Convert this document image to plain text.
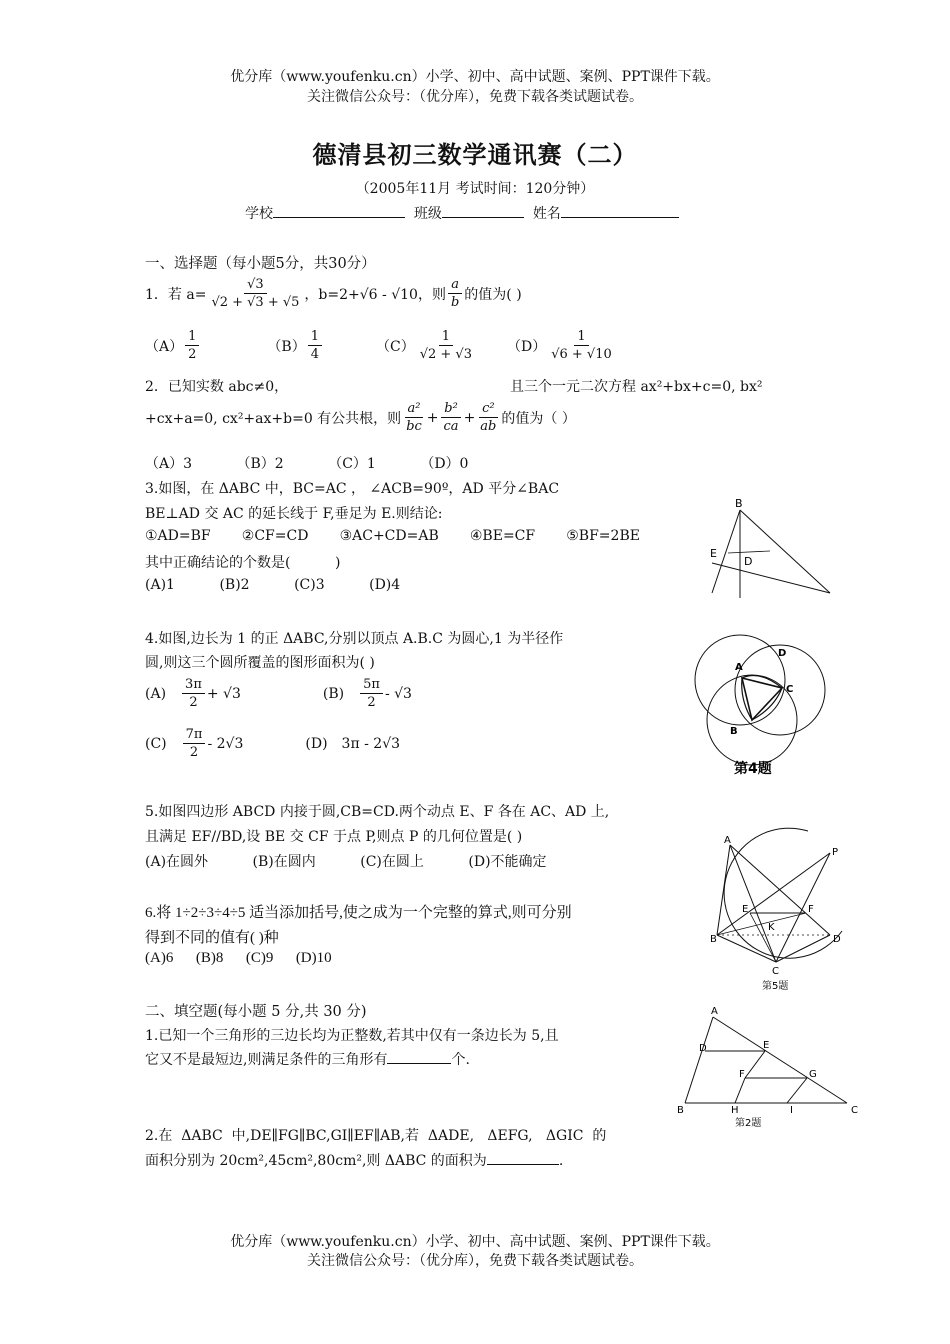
优分库（www.youfenku.cn）小学、初中、高中试题、案例、PPT课件下载。
关注微信公众号：（优分库），免费下载各类试题试卷。
德清县初三数学通讯赛（二）
（2005年11月 考试时间：120分钟）
学校	班级	姓名
一、选择题（每小题5分，共30分）
1．若 $a= \frac{√3}{√2 + √3 + √5}$ ，b=2+√6 - √10，则 $\frac{a}{b}$ 的值为( )
$(A) \frac{1}{2}$	$(B) \frac{1}{4}$	$(C) \frac{1}{√2 + √3} (D) \frac{1}{√6 + √10}$
2．已知实数 abc≠0，	且三个一元二次方程 ax²+bx+c=0, bx²
+cx+a=0, cx²+ax+b=0 有公共根，则 $\frac{\text{a²}}{bc} + \frac{\text{b²}}{ca} + \frac{\text{c²}}{ab}$ 的值为（ ）
（A）3          （B）2          （C）1          （D）0
3.如图，在 ΔABC 中，BC=AC ， ∠ACB=90º，AD 平分∠BAC
BE⊥AD 交 AC 的延长线于 F,垂足为 E.则结论:
①AD=BF       ②CF=CD       ③AC+CD=AB       ④BE=CF       ⑤BF=2BE
其中正确结论的个数是(          )
(A)1          (B)2          (C)3          (D)4
B
E
D
4.如图,边长为 1 的正 ΔABC,分别以顶点 A.B.C 为圆心,1 为半径作
圆,则这三个圆所覆盖的图形面积为( )
$(A) \frac{3\pi}{2} + √3$	$(B) \frac{5\pi}{2} - √3$
$(C) \frac{7\pi}{2} - 2√3$	(D) 3π - 2√3
A
B
C
D
第4题
5.如图四边形 ABCD 内接于圆,CB=CD.两个动点 E、F 各在 AC、AD 上,
且满足 EF//BD,设 BE 交 CF 于点 P,则点 P 的几何位置是( )
(A)在圆外          (B)在圆内          (C)在圆上          (D)不能确定
A
P
E	F
K
B
C
D
第5题
6.将 1÷2÷3÷4÷5 适当添加括号,使之成为一个完整的算式,则可分别
得到不同的值有( )种
(A)6      (B)8      (C)9      (D)10
二、填空题(每小题 5 分,共 30 分)
1.已知一个三角形的三边长均为正整数,若其中仅有一条边长为 5,且
它又不是最短边,则满足条件的三角形有	个.
2.在  ΔABC  中,DE∥FG∥BC,GI∥EF∥AB,若  ΔADE,   ΔEFG,   ΔGIC  的
面积分别为 20cm²,45cm²,80cm²,则 ΔABC 的面积为	.
A
D	E
F	G
B	H	I	C
第2题
优分库（www.youfenku.cn）小学、初中、高中试题、案例、PPT课件下载。
关注微信公众号：（优分库），免费下载各类试题试卷。
